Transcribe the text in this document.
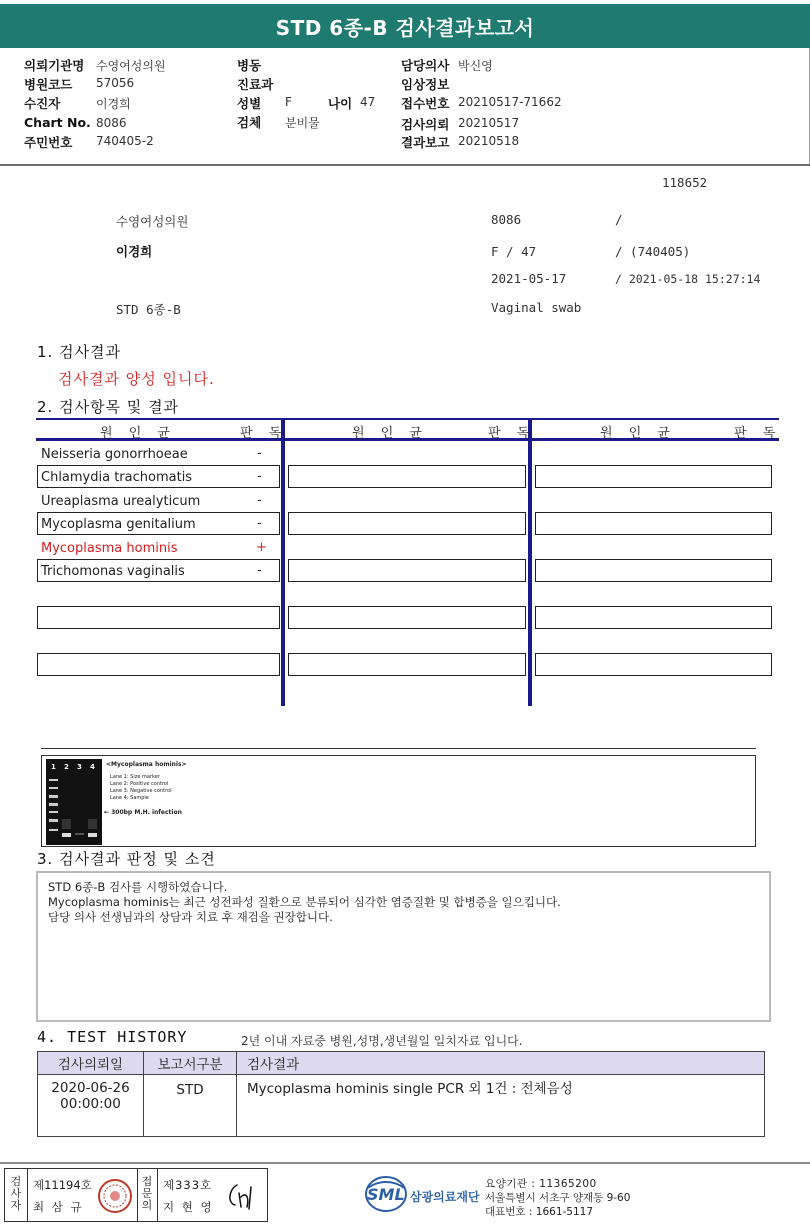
STD 6종-B 검사결과보고서
의뢰기관명 수영여성의원
병원코드 57056
수진자	이경희
Chart No. 8086
주민번호 740405-2
병동
진료과
성별 F	나이 47
검체 분비물
담당의사 박신영
임상정보
접수번호 20210517-71662
검사의뢰 20210517
결과보고 20210518
118652
수영여성의원	8086	/
이경희	F / 47	/ (740405)
2021-05-17	/ 2021-05-18 15:27:14
STD 6종-B	Vaginal swab
1. 검사결과
검사결과 양성 입니다.
2. 검사항목 및 결과
원 인 균	판 독	원 인 균	판 독	원 인 균	판 독
Neisseria gonorrhoeae	-
Chlamydia trachomatis	-
Ureaplasma urealyticum	-
Mycoplasma genitalium	-
Mycoplasma hominis	+
Trichomonas vaginalis	-
1 2 3 4 <Mycoplasma hominis>
Lane 1: Size marker
Lane 2: Positive control
Lane 3: Negative control
Lane 4: Sample
← 300bp M.H. infection
3. 검사결과 판정 및 소견
STD 6종-B 검사를 시행하였습니다.
Mycoplasma hominis는 최근 성전파성 질환으로 분류되어 심각한 염증질환 및 합병증을 일으킵니다.
담당 의사 선생님과의 상담과 치료 후 재검을 권장합니다.
4. TEST HISTORY	2년 이내 자료중 병원,성명,생년월일 일치자료 입니다.
검사의뢰일	보고서구분	검사결과

2020-06-26
00:00:00	STD	Mycoplasma hominis single PCR 외 1건 : 전체음성
검사자
제11194호
최 삼 규
접문의
제333호
지 현 영
SML 삼광의료재단
요양기관 : 11365200
서울특별시 서초구 양재동 9-60
대표번호 : 1661-5117
